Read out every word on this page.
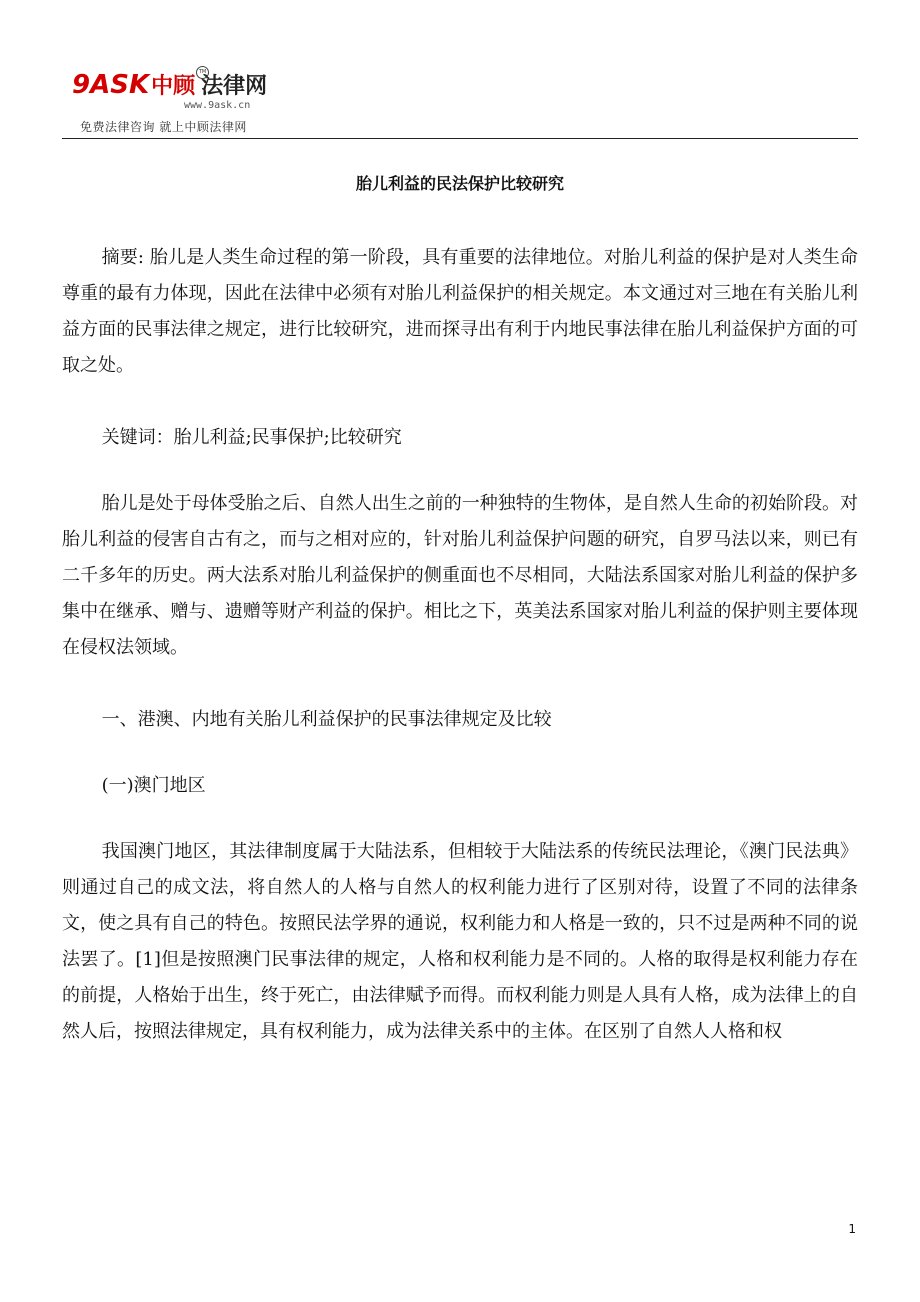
9ASK中顾 法律网
TM
www.9ask.cn
免费法律咨询 就上中顾法律网
胎儿利益的民法保护比较研究

摘要: 胎儿是人类生命过程的第一阶段，具有重要的法律地位。对胎儿利益的保护是对人类生命尊重的最有力体现，因此在法律中必须有对胎儿利益保护的相关规定。本文通过对三地在有关胎儿利益方面的民事法律之规定，进行比较研究，进而探寻出有利于内地民事法律在胎儿利益保护方面的可取之处。

关键词：胎儿利益;民事保护;比较研究

胎儿是处于母体受胎之后、自然人出生之前的一种独特的生物体，是自然人生命的初始阶段。对胎儿利益的侵害自古有之，而与之相对应的，针对胎儿利益保护问题的研究，自罗马法以来，则已有二千多年的历史。两大法系对胎儿利益保护的侧重面也不尽相同，大陆法系国家对胎儿利益的保护多集中在继承、赠与、遗赠等财产利益的保护。相比之下，英美法系国家对胎儿利益的保护则主要体现在侵权法领域。

一、港澳、内地有关胎儿利益保护的民事法律规定及比较

(一)澳门地区

我国澳门地区，其法律制度属于大陆法系，但相较于大陆法系的传统民法理论，《澳门民法典》则通过自己的成文法，将自然人的人格与自然人的权利能力进行了区别对待，设置了不同的法律条文，使之具有自己的特色。按照民法学界的通说，权利能力和人格是一致的，只不过是两种不同的说法罢了。[1]但是按照澳门民事法律的规定，人格和权利能力是不同的。人格的取得是权利能力存在的前提，人格始于出生，终于死亡，由法律赋予而得。而权利能力则是人具有人格，成为法律上的自然人后，按照法律规定，具有权利能力，成为法律关系中的主体。在区别了自然人人格和权

1
